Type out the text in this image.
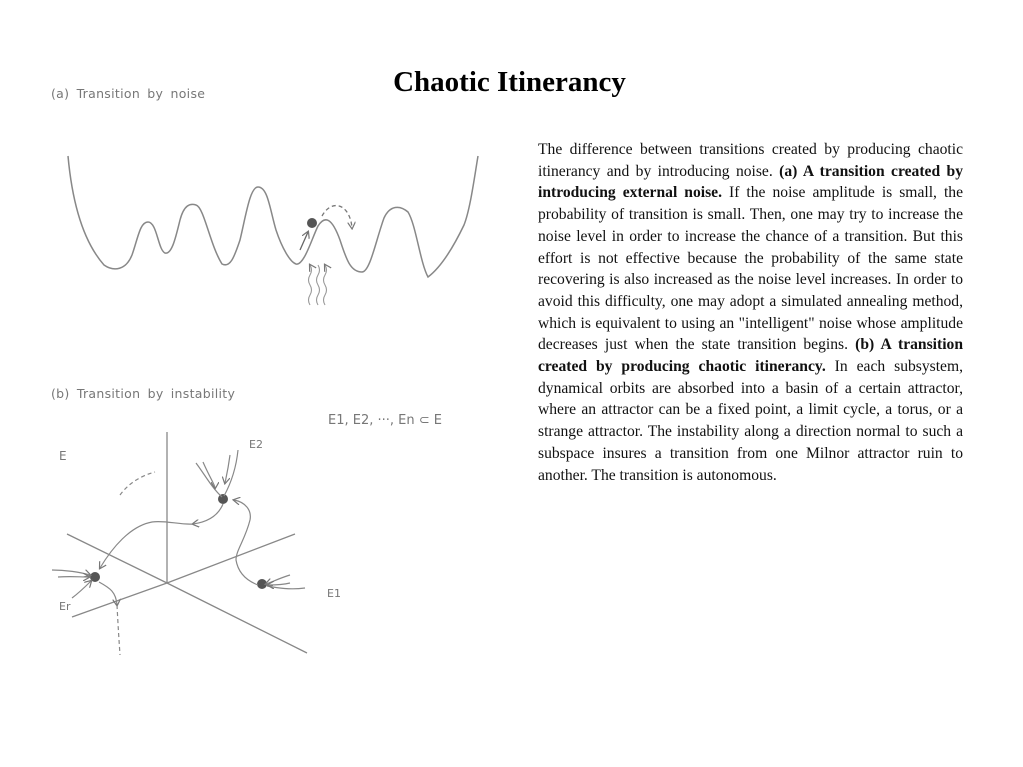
Chaotic Itinerancy
(a) Transition by noise
(b) Transition by instability
E1, E2, ···, En ⊂ E
E
E2
E1
Er
The difference between transitions created by producing chaotic itinerancy and by introducing noise. (a) A transition created by introducing external noise. If the noise amplitude is small, the probability of transition is small. Then, one may try to increase the noise level in order to increase the chance of a transition. But this effort is not effective because the probability of the same state recovering is also increased as the noise level increases. In order to avoid this difficulty, one may adopt a simulated annealing method, which is equivalent to using an "intelligent" noise whose amplitude decreases just when the state transition begins. (b) A transition created by producing chaotic itinerancy. In each subsystem, dynamical orbits are absorbed into a basin of a certain attractor, where an attractor can be a fixed point, a limit cycle, a torus, or a strange attractor. The instability along a direction normal to such a subspace insures a transition from one Milnor attractor ruin to another. The transition is autonomous.
